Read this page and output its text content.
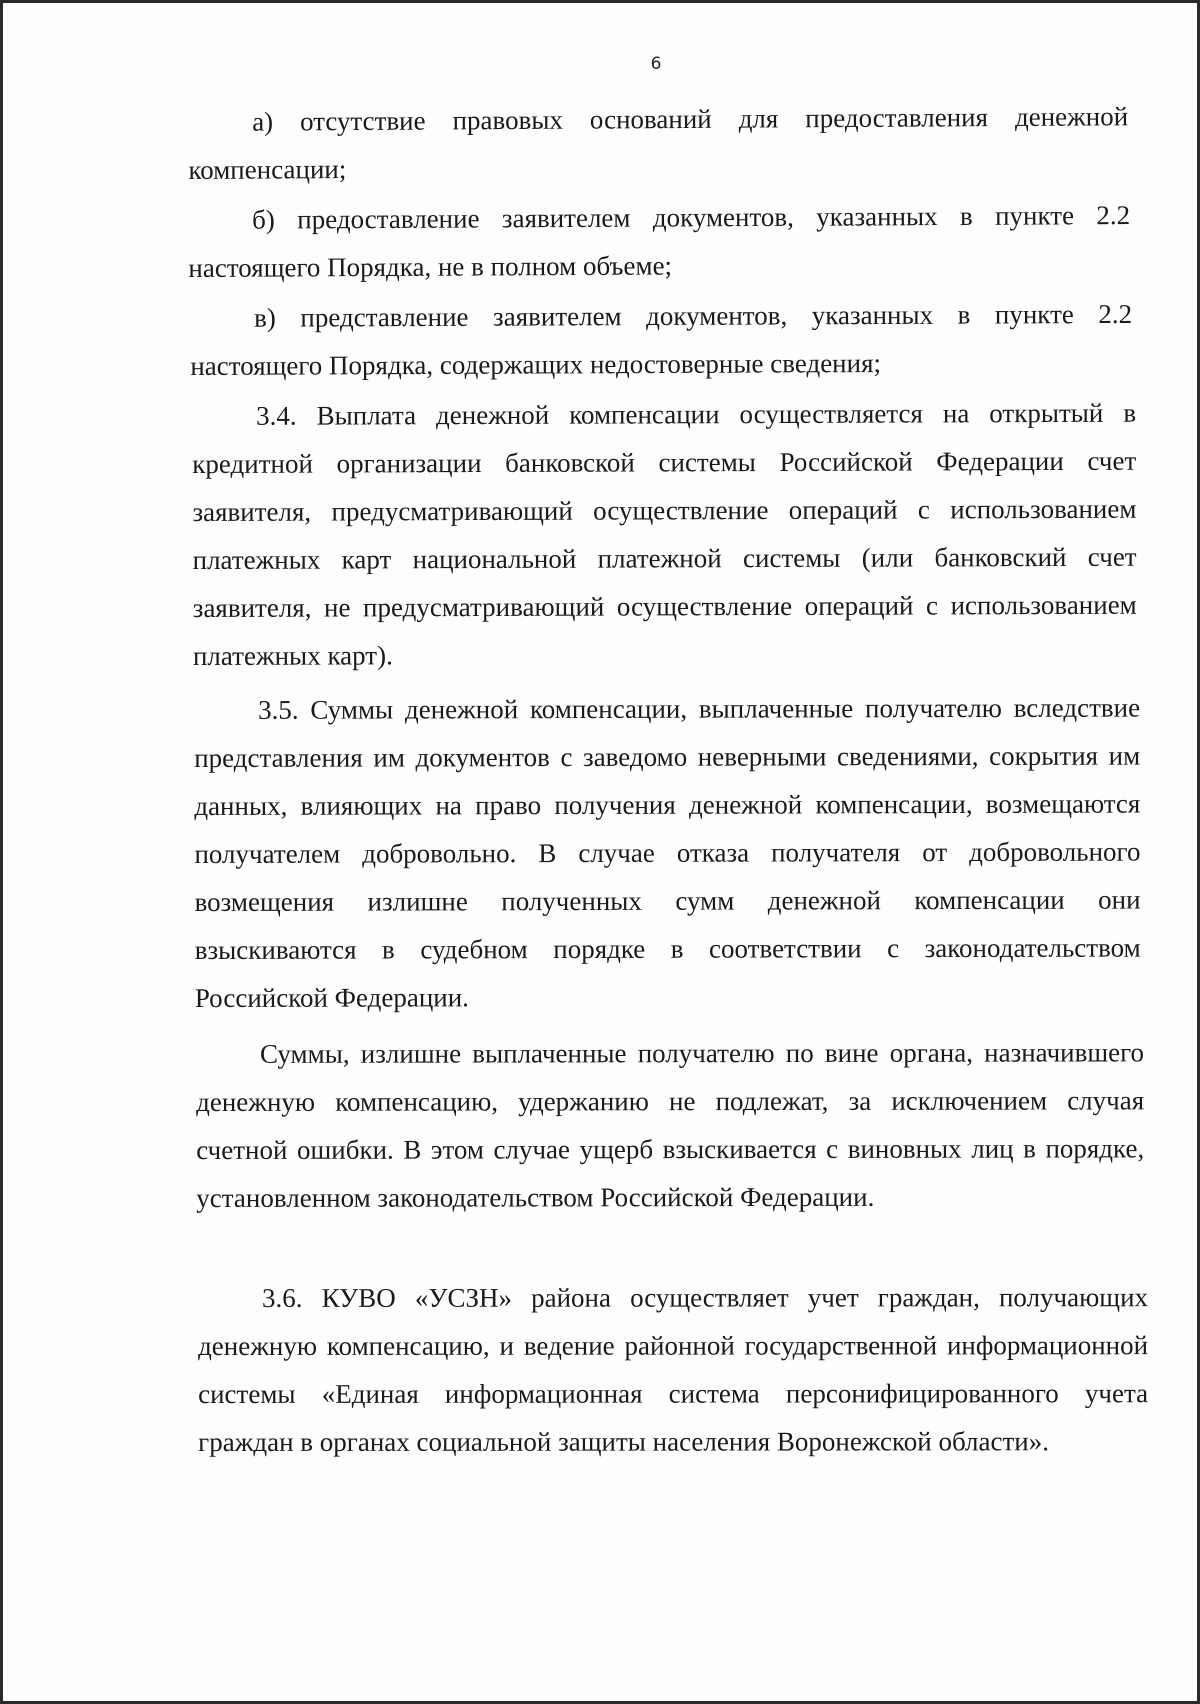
6

а) отсутствие правовых оснований для предоставления денежной компенсации;

б) предоставление заявителем документов, указанных в пункте 2.2 настоящего Порядка, не в полном объеме;

в) представление заявителем документов, указанных в пункте 2.2 настоящего Порядка, содержащих недостоверные сведения;

3.4. Выплата денежной компенсации осуществляется на открытый в кредитной организации банковской системы Российской Федерации счет заявителя, предусматривающий осуществление операций с использованием платежных карт национальной платежной системы (или банковский счет заявителя, не предусматривающий осуществление операций с использованием платежных карт).

3.5. Суммы денежной компенсации, выплаченные получателю вследствие представления им документов с заведомо неверными сведениями, сокрытия им данных, влияющих на право получения денежной компенсации, возмещаются получателем добровольно. В случае отказа получателя от добровольного возмещения излишне полученных сумм денежной компенсации они взыскиваются в судебном порядке в соответствии с законодательством Российской Федерации.

Суммы, излишне выплаченные получателю по вине органа, назначившего денежную компенсацию, удержанию не подлежат, за исключением случая счетной ошибки. В этом случае ущерб взыскивается с виновных лиц в порядке, установленном законодательством Российской Федерации.

3.6. КУВО «УСЗН» района осуществляет учет граждан, получающих денежную компенсацию, и ведение районной государственной информационной системы «Единая информационная система персонифицированного учета граждан в органах социальной защиты населения Воронежской области».
